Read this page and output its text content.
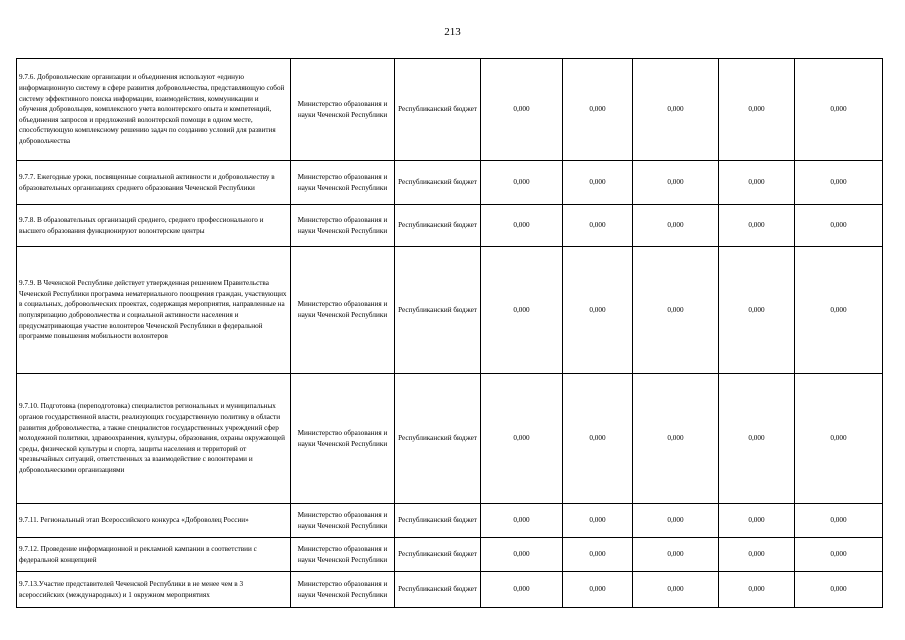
213
9.7.6. Добровольческие организации и объединения используют «единую информационную систему в сфере развития добровольчества, представляющую собой систему эффективного поиска информации, взаимодействия, коммуникации и обучения добровольцев, комплексного учета волонтерского опыта и компетенций, объединения запросов и предложений волонтерской помощи в одном месте, способствующую комплексному решению задач по созданию условий для развития добровольчества	Министерство образования и науки Чеченской Республики	Республиканский бюджет	0,000	0,000	0,000	0,000	0,000
9.7.7. Ежегодные уроки, посвященные социальной активности и добровольчеству в образовательных организациях среднего образования Чеченской Республики	Министерство образования и науки Чеченской Республики	Республиканский бюджет	0,000	0,000	0,000	0,000	0,000
9.7.8. В образовательных организаций среднего, среднего профессионального и высшего образования функционируют волонтерские центры	Министерство образования и науки Чеченской Республики	Республиканский бюджет	0,000	0,000	0,000	0,000	0,000
9.7.9. В Чеченской Республике действует утвержденная решением Правительства Чеченской Республики программа нематериального поощрения граждан, участвующих в социальных, добровольческих проектах, содержащая мероприятия, направленные на популяризацию добровольчества и социальной активности населения и предусматривающая участие волонтеров Чеченской Республики в федеральной программе повышения мобильности волонтеров	Министерство образования и науки Чеченской Республики	Республиканский бюджет	0,000	0,000	0,000	0,000	0,000
9.7.10. Подготовка (переподготовка) специалистов региональных и муниципальных органов государственной власти, реализующих государственную политику в области развития добровольчества, а также специалистов государственных учреждений сфер молодежной политики, здравоохранения, культуры, образования, охраны окружающей среды, физической культуры и спорта, защиты населения и территорий от чрезвычайных ситуаций, ответственных за взаимодействие с волонтерами и добровольческими организациями	Министерство образования и науки Чеченской Республики	Республиканский бюджет	0,000	0,000	0,000	0,000	0,000
9.7.11. Региональный этап Всероссийского конкурса «Доброволец России»	Министерство образования и науки Чеченской Республики	Республиканский бюджет	0,000	0,000	0,000	0,000	0,000
9.7.12. Проведение информационной и рекламной кампании в соответствии с федеральной концепцией	Министерство образования и науки Чеченской Республики	Республиканский бюджет	0,000	0,000	0,000	0,000	0,000
9.7.13.Участие представителей Чеченской Республики в не менее чем в 3 всероссийских (международных) и 1 окружном мероприятиях	Министерство образования и науки Чеченской Республики	Республиканский бюджет	0,000	0,000	0,000	0,000	0,000
